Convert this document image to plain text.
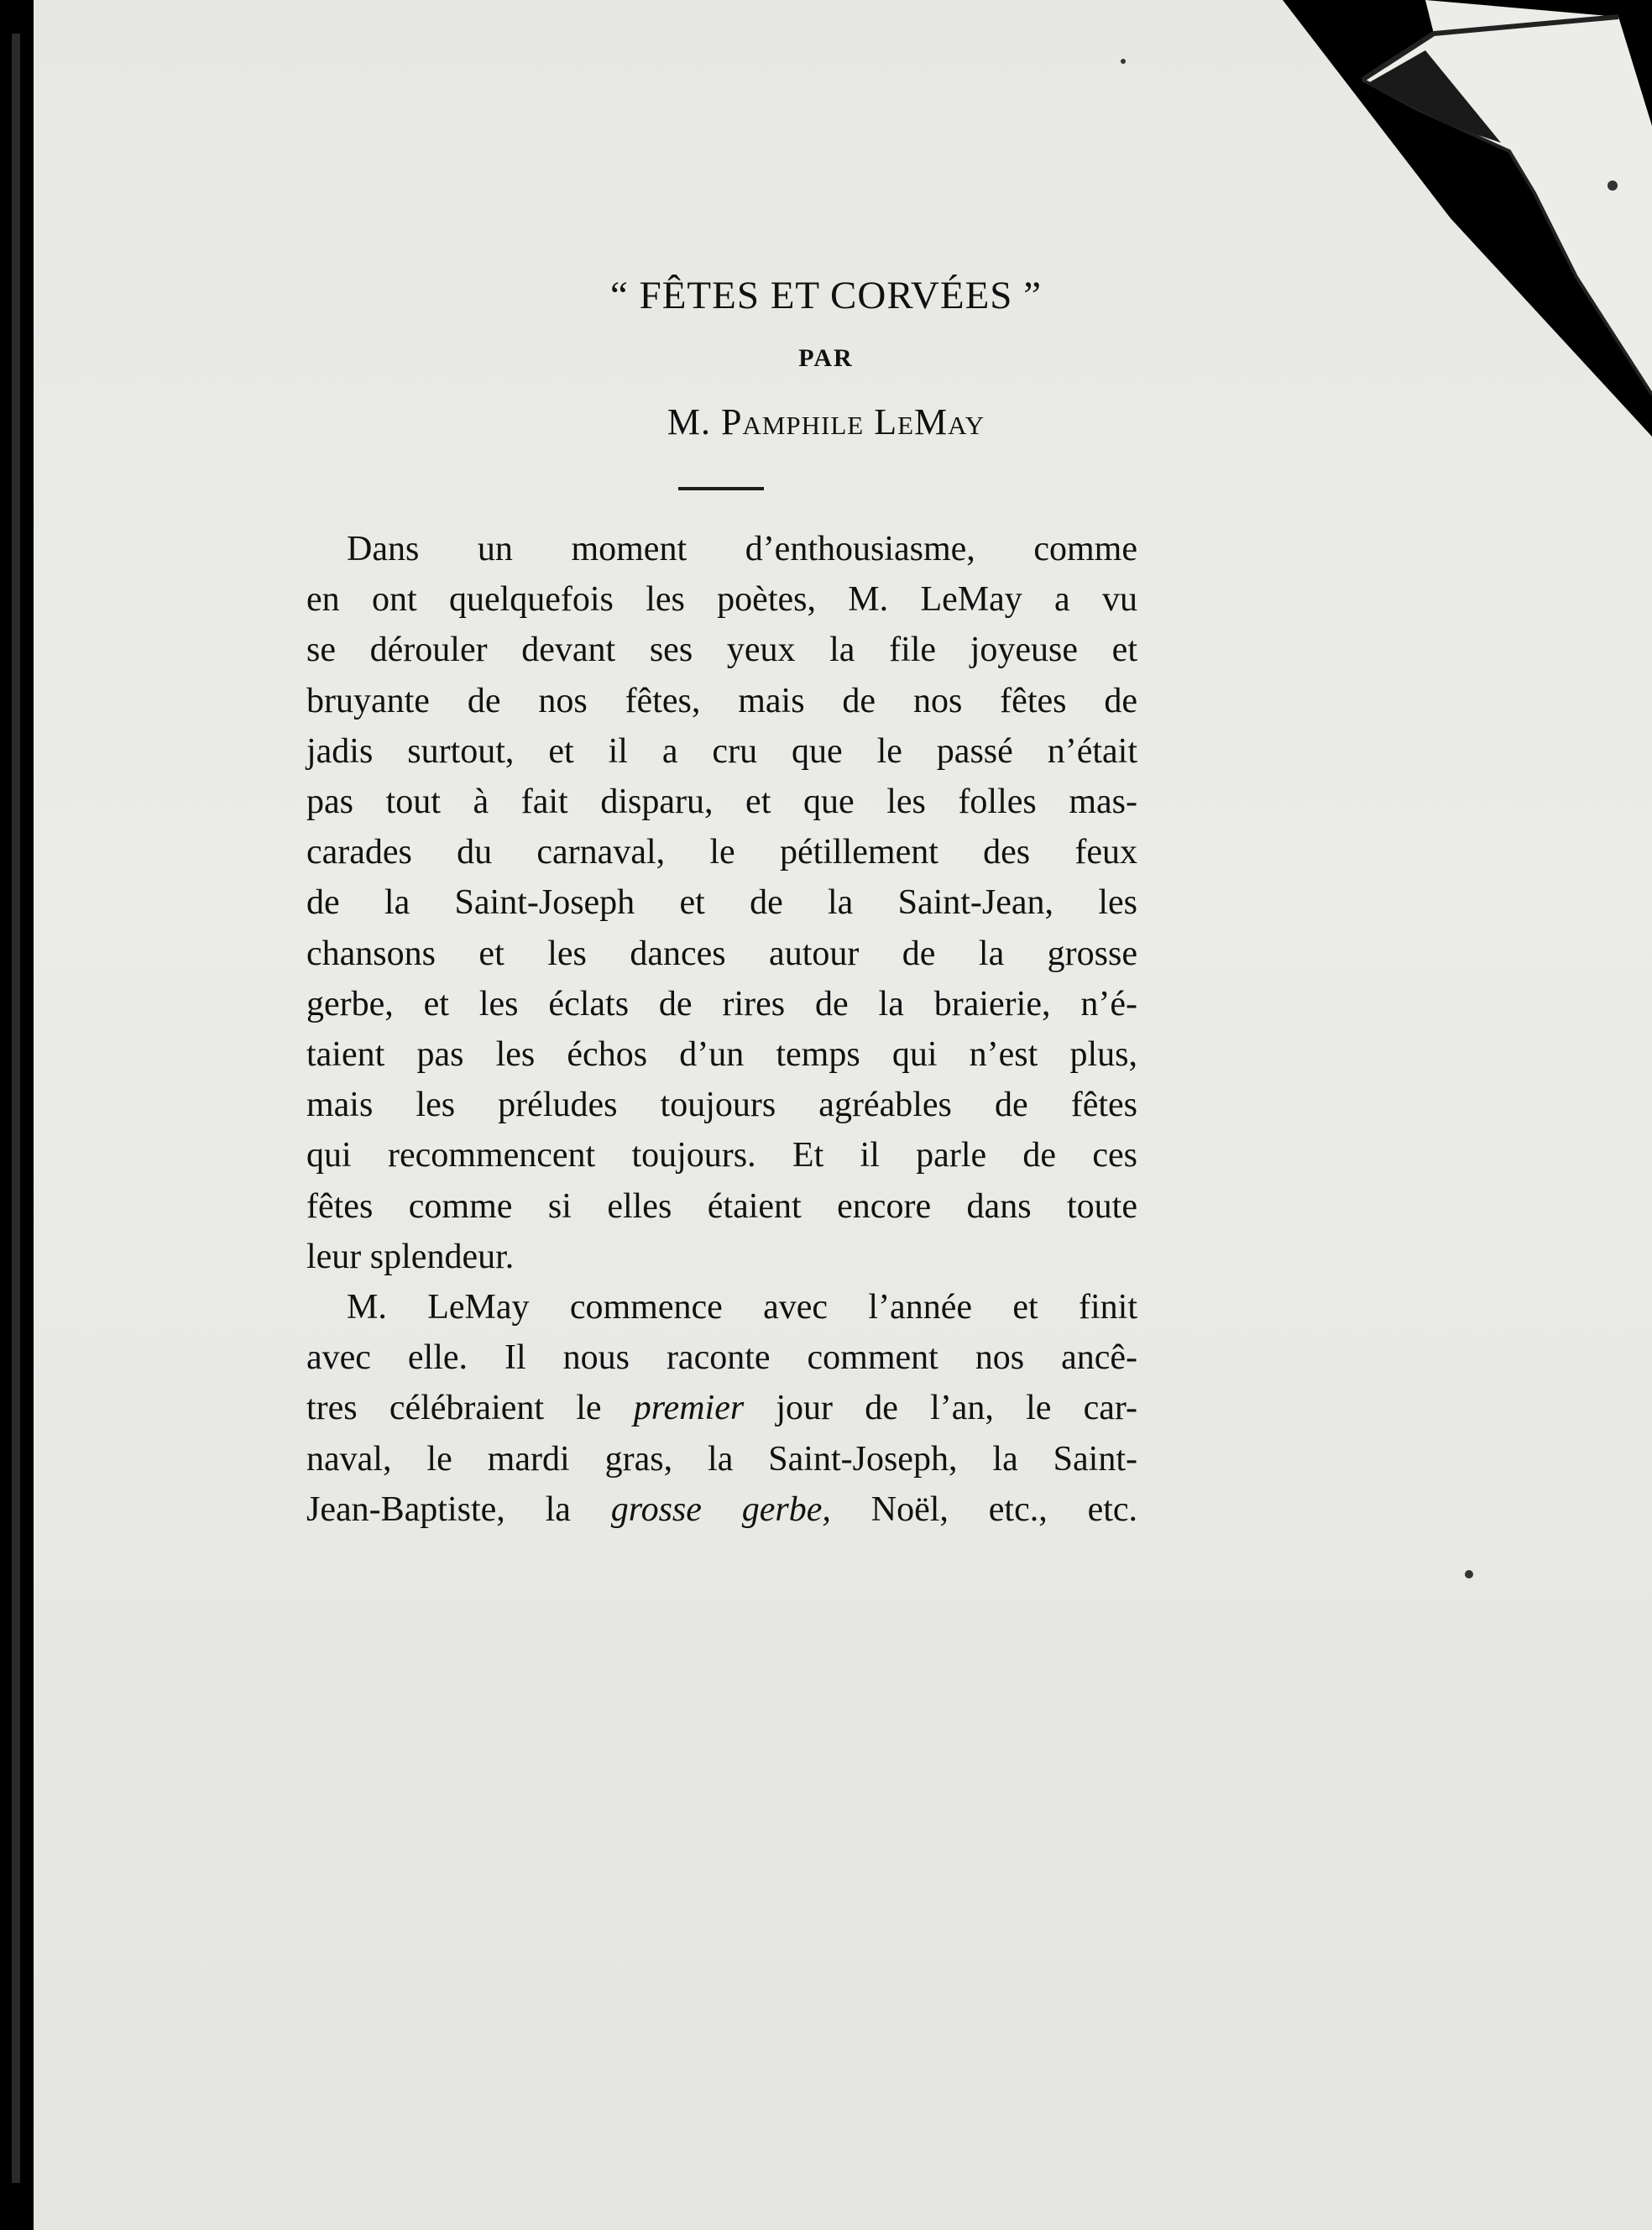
“ FÊTES ET CORVÉES ”
PAR
M. Pamphile LeMay
Dans un moment d’enthousiasme, comme
en ont quelquefois les poètes, M. LeMay a vu
se dérouler devant ses yeux la file joyeuse et
bruyante de nos fêtes, mais de nos fêtes de
jadis surtout, et il a cru que le passé n’était
pas tout à fait disparu, et que les folles mas-
carades du carnaval, le pétillement des feux
de la Saint-Joseph et de la Saint-Jean, les
chansons et les dances autour de la grosse
gerbe, et les éclats de rires de la braierie, n’é-
taient pas les échos d’un temps qui n’est plus,
mais les préludes toujours agréables de fêtes
qui recommencent toujours. Et il parle de ces
fêtes comme si elles étaient encore dans toute
leur splendeur.
M. LeMay commence avec l’année et finit
avec elle. Il nous raconte comment nos ancê-
tres célébraient le premier jour de l’an, le car-
naval, le mardi gras, la Saint-Joseph, la Saint-
Jean-Baptiste, la grosse gerbe, Noël, etc., etc.
